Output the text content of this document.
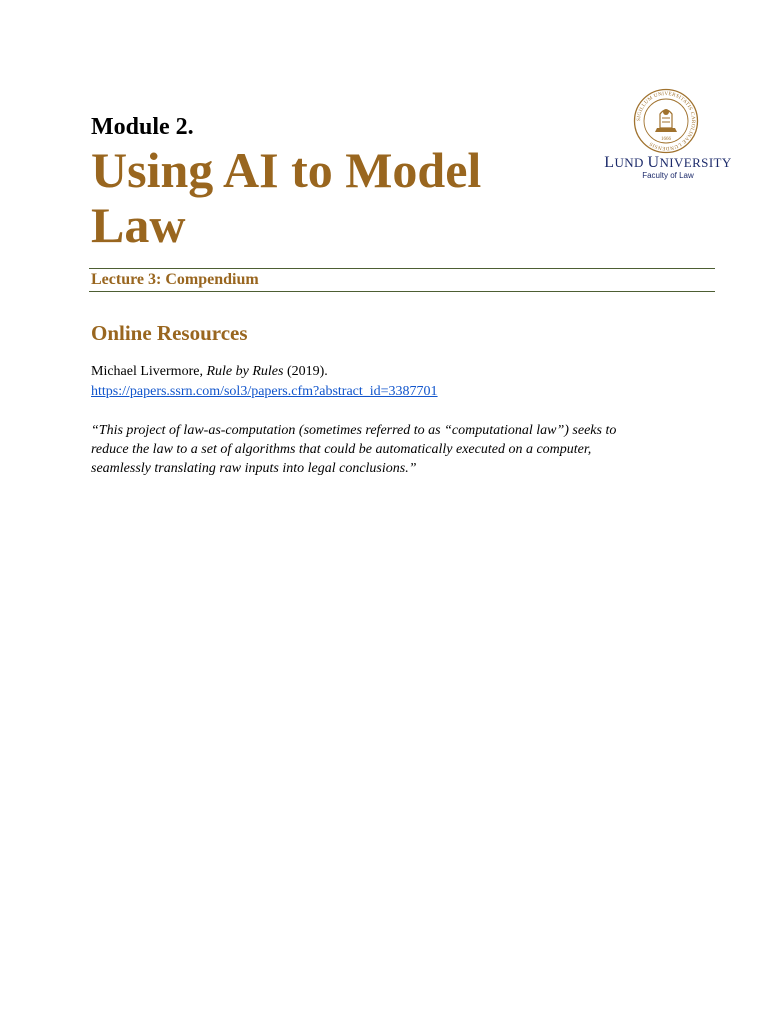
Module 2.
Using AI to Model Law
SIGILLUM UNIVERSITATIS CAROLINAE LUNDENSIS
1666
LUND UNIVERSITY
Faculty of Law
Lecture 3: Compendium
Online Resources
Michael Livermore, Rule by Rules (2019).
https://papers.ssrn.com/sol3/papers.cfm?abstract_id=3387701
“This project of law-as-computation (sometimes referred to as “computational law”) seeks to
reduce the law to a set of algorithms that could be automatically executed on a computer,
seamlessly translating raw inputs into legal conclusions.”
